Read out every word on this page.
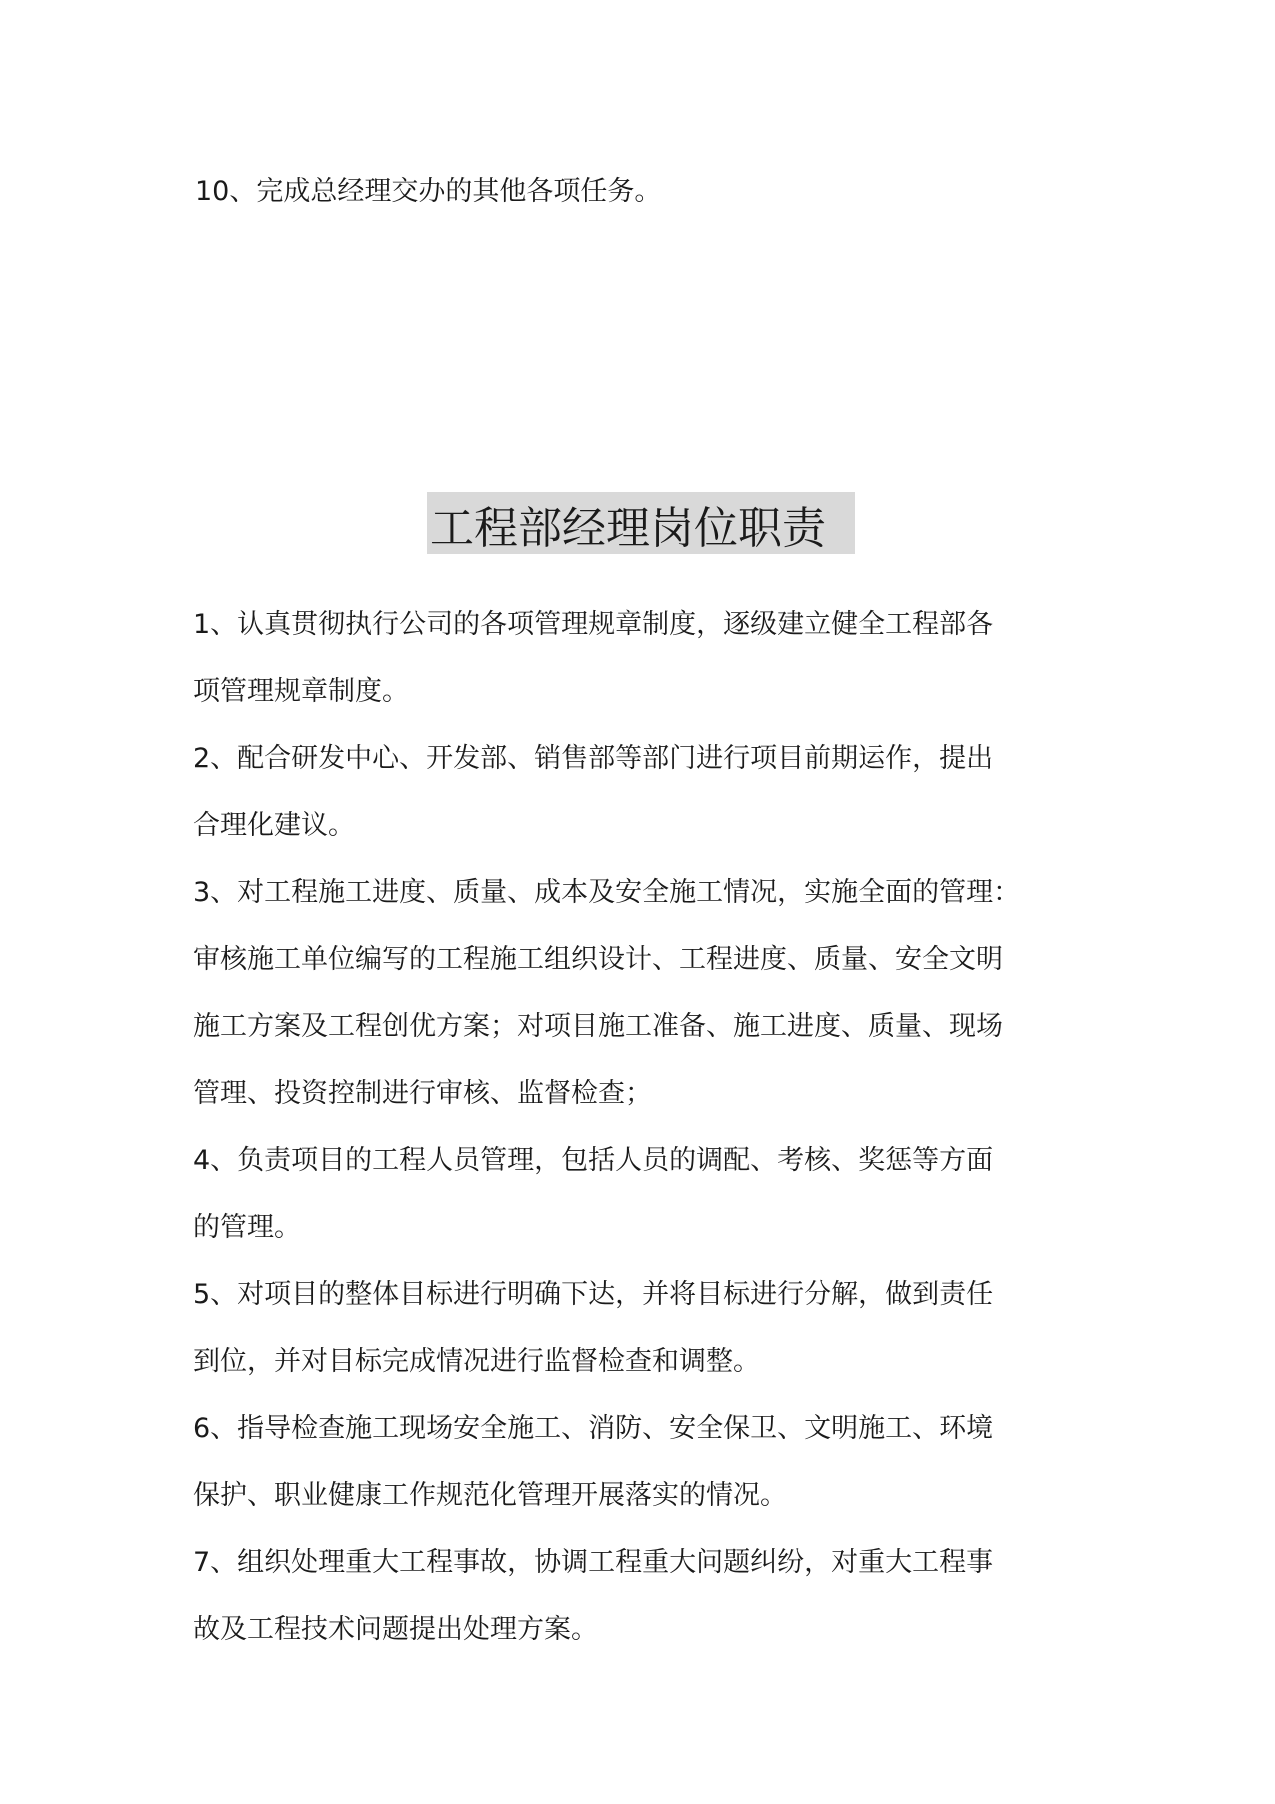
10、完成总经理交办的其他各项任务。
工程部经理岗位职责
1、认真贯彻执行公司的各项管理规章制度，逐级建立健全工程部各
项管理规章制度。
2、配合研发中心、开发部、销售部等部门进行项目前期运作，提出
合理化建议。
3、对工程施工进度、质量、成本及安全施工情况，实施全面的管理：
审核施工单位编写的工程施工组织设计、工程进度、质量、安全文明
施工方案及工程创优方案；对项目施工准备、施工进度、质量、现场
管理、投资控制进行审核、监督检查；
4、负责项目的工程人员管理，包括人员的调配、考核、奖惩等方面
的管理。
5、对项目的整体目标进行明确下达，并将目标进行分解，做到责任
到位，并对目标完成情况进行监督检查和调整。
6、指导检查施工现场安全施工、消防、安全保卫、文明施工、环境
保护、职业健康工作规范化管理开展落实的情况。
7、组织处理重大工程事故，协调工程重大问题纠纷，对重大工程事
故及工程技术问题提出处理方案。
